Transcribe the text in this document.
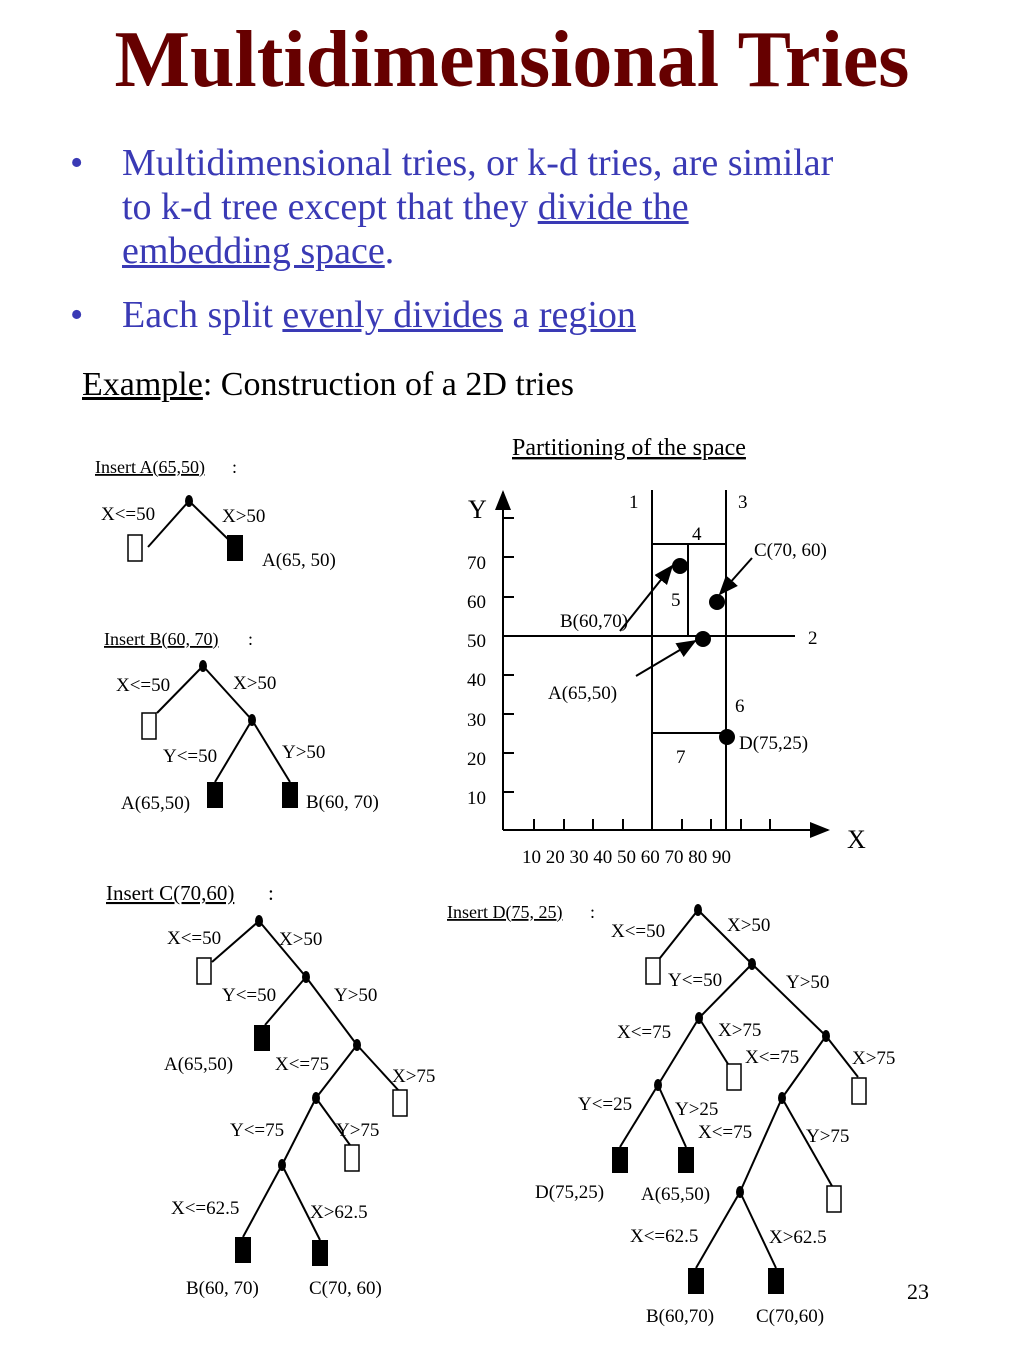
Multidimensional Tries
• Multidimensional tries, or k-d tries, are similar
to k-d tree except that they divide the
embedding space.
• Each split evenly divides a region
Example: Construction of a 2D tries
Insert A(65,50) :
X<=50	X>50
A(65, 50)
Insert B(60, 70) :
X<=50	X>50
Y<=50	Y>50
A(65,50)	B(60, 70)
Partitioning of the space
Y
X
70
60
50
40
30
20
10
10 20 30 40 50 60 70 80 90
1	3
4
5
2
6
7
B(60,70)
C(70, 60)
A(65,50)
D(75,25)
Insert C(70,60) :
X<=50	X>50
Y<=50	Y>50
X<=75
X>75
Y<=75	Y>75
X<=62.5	X>62.5
A(65,50)
B(60, 70)	C(70, 60)
Insert D(75, 25) :
X<=50	X>50
Y<=50	Y>50
X<=75 X>75
X<=75	X>75
Y<=25 Y>25
X<=75	Y>75
X<=62.5	X>62.5
D(75,25) A(65,50)
B(60,70) C(70,60)
23
